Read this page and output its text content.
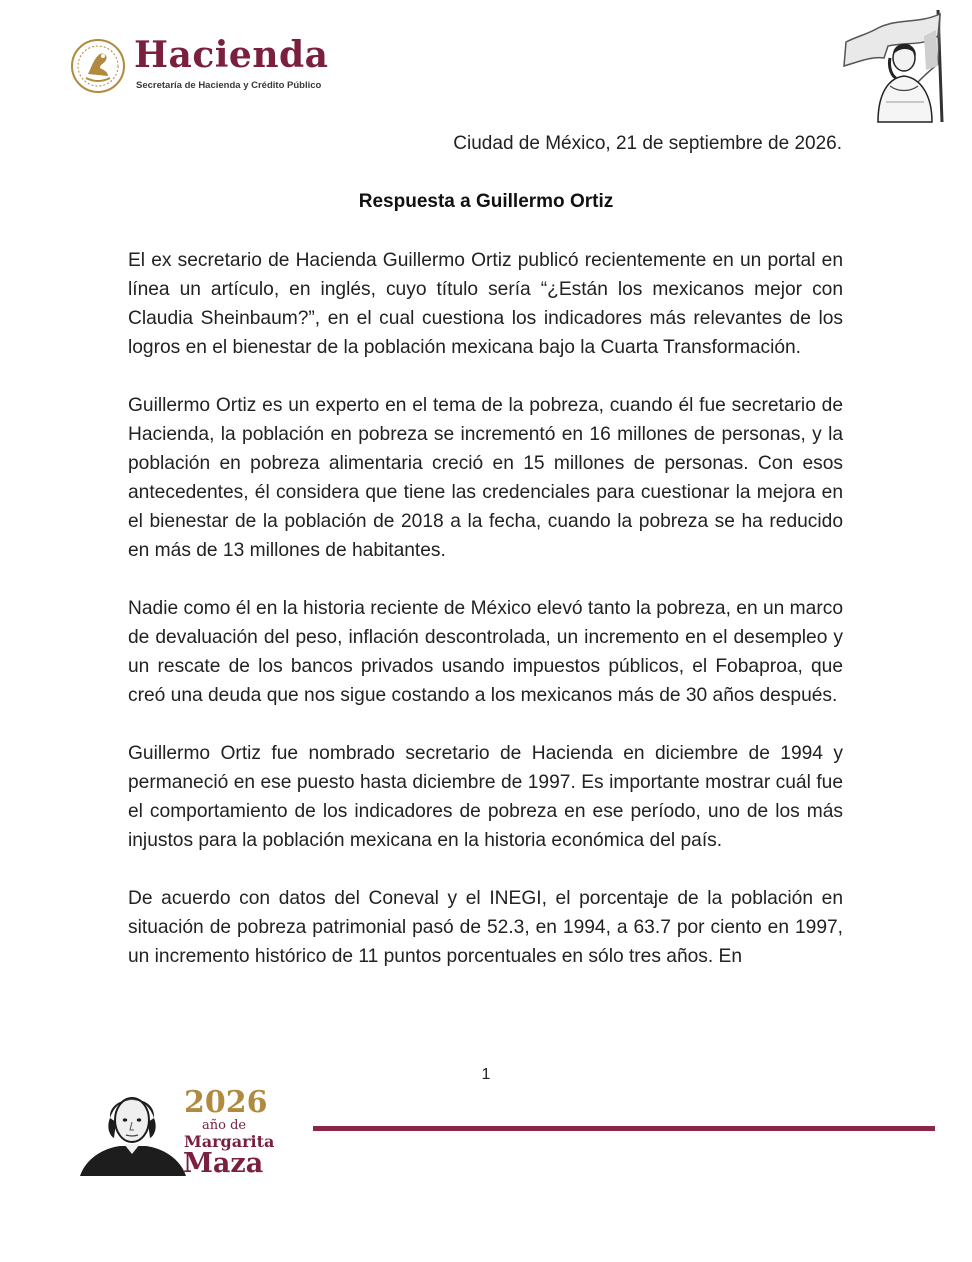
Hacienda
Secretaría de Hacienda y Crédito Público
Ciudad de México, 21 de septiembre de 2026.
Respuesta a Guillermo Ortiz

El ex secretario de Hacienda Guillermo Ortiz publicó recientemente en un portal en línea un artículo, en inglés, cuyo título sería “¿Están los mexicanos mejor con Claudia Sheinbaum?”, en el cual cuestiona los indicadores más relevantes de los logros en el bienestar de la población mexicana bajo la Cuarta Transformación.

Guillermo Ortiz es un experto en el tema de la pobreza, cuando él fue secretario de Hacienda, la población en pobreza se incrementó en 16 millones de personas, y la población en pobreza alimentaria creció en 15 millones de personas. Con esos antecedentes, él considera que tiene las credenciales para cuestionar la mejora en el bienestar de la población de 2018 a la fecha, cuando la pobreza se ha reducido en más de 13 millones de habitantes.

Nadie como él en la historia reciente de México elevó tanto la pobreza, en un marco de devaluación del peso, inflación descontrolada, un incremento en el desempleo y un rescate de los bancos privados usando impuestos públicos, el Fobaproa, que creó una deuda que nos sigue costando a los mexicanos más de 30 años después.

Guillermo Ortiz fue nombrado secretario de Hacienda en diciembre de 1994 y permaneció en ese puesto hasta diciembre de 1997. Es importante mostrar cuál fue el comportamiento de los indicadores de pobreza en ese período, uno de los más injustos para la población mexicana en la historia económica del país.

De acuerdo con datos del Coneval y el INEGI, el porcentaje de la población en situación de pobreza patrimonial pasó de 52.3, en 1994, a 63.7 por ciento en 1997, un incremento histórico de 11 puntos porcentuales en sólo tres años. En

1
2026
año de
Margarita
Maza
